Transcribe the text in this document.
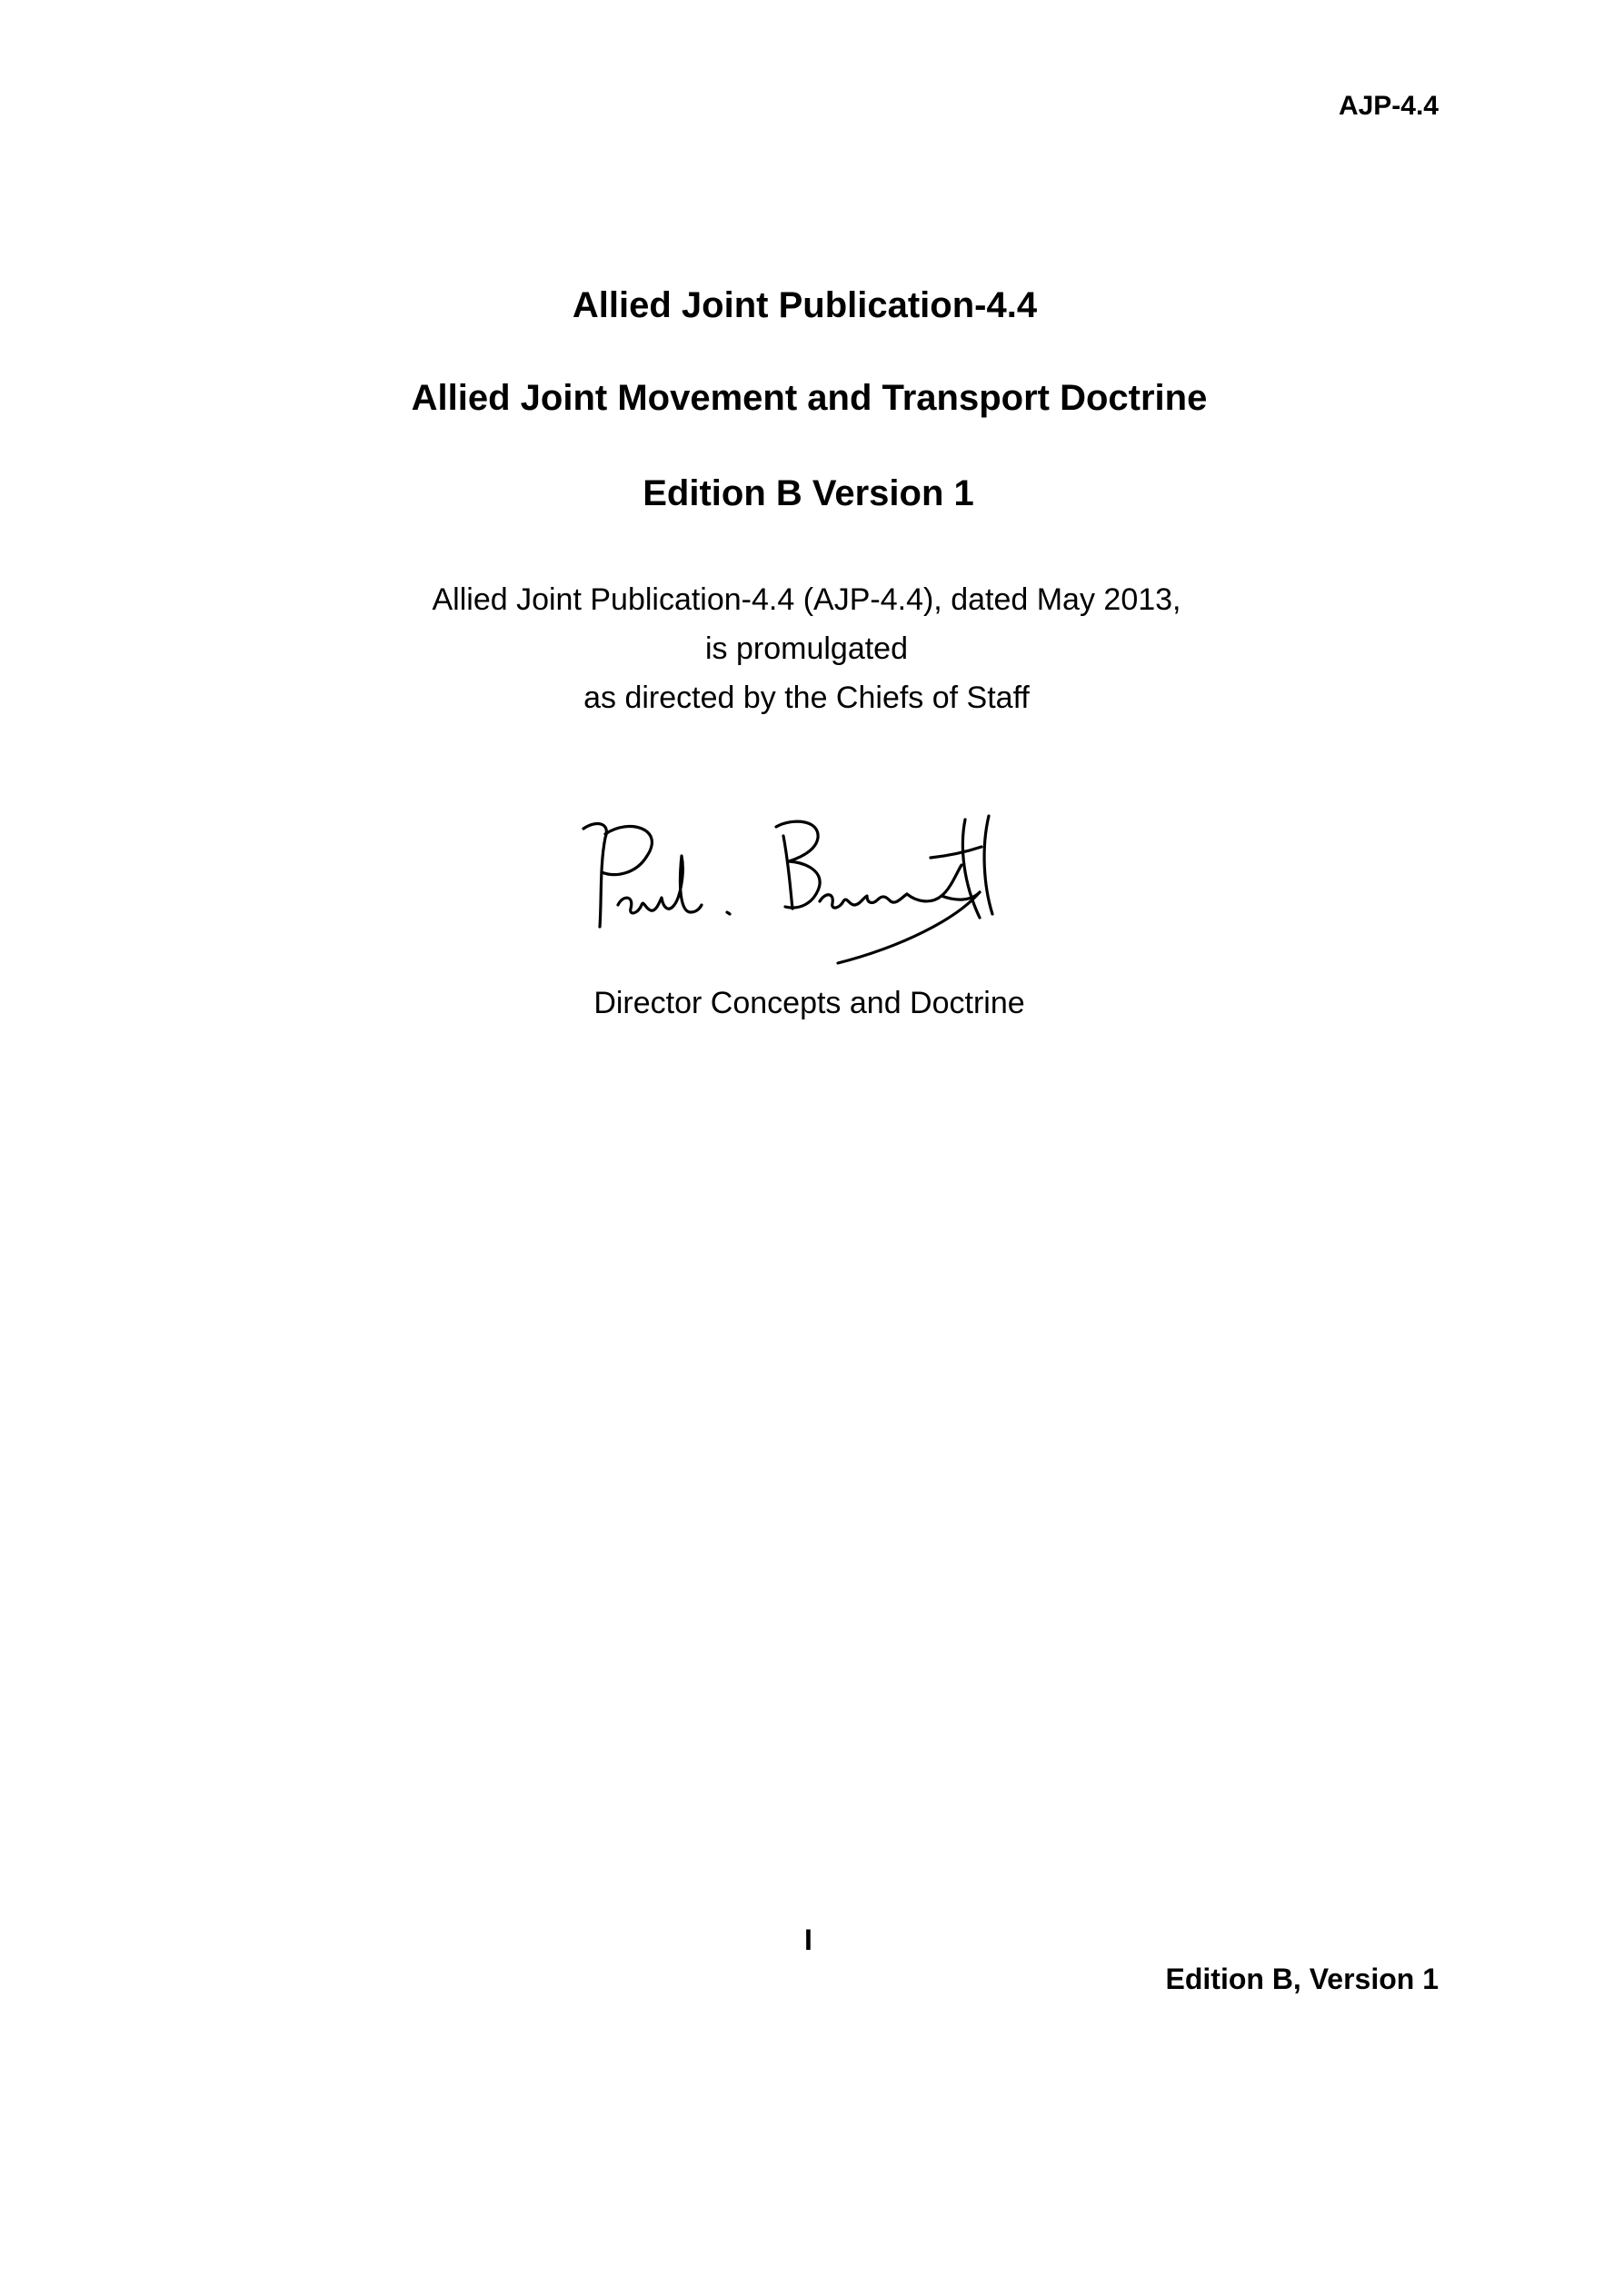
AJP-4.4
Allied Joint Publication-4.4
Allied Joint Movement and Transport Doctrine
Edition B Version 1
Allied Joint Publication-4.4 (AJP-4.4), dated May 2013,
is promulgated
as directed by the Chiefs of Staff
Director Concepts and Doctrine
I
Edition B, Version 1
